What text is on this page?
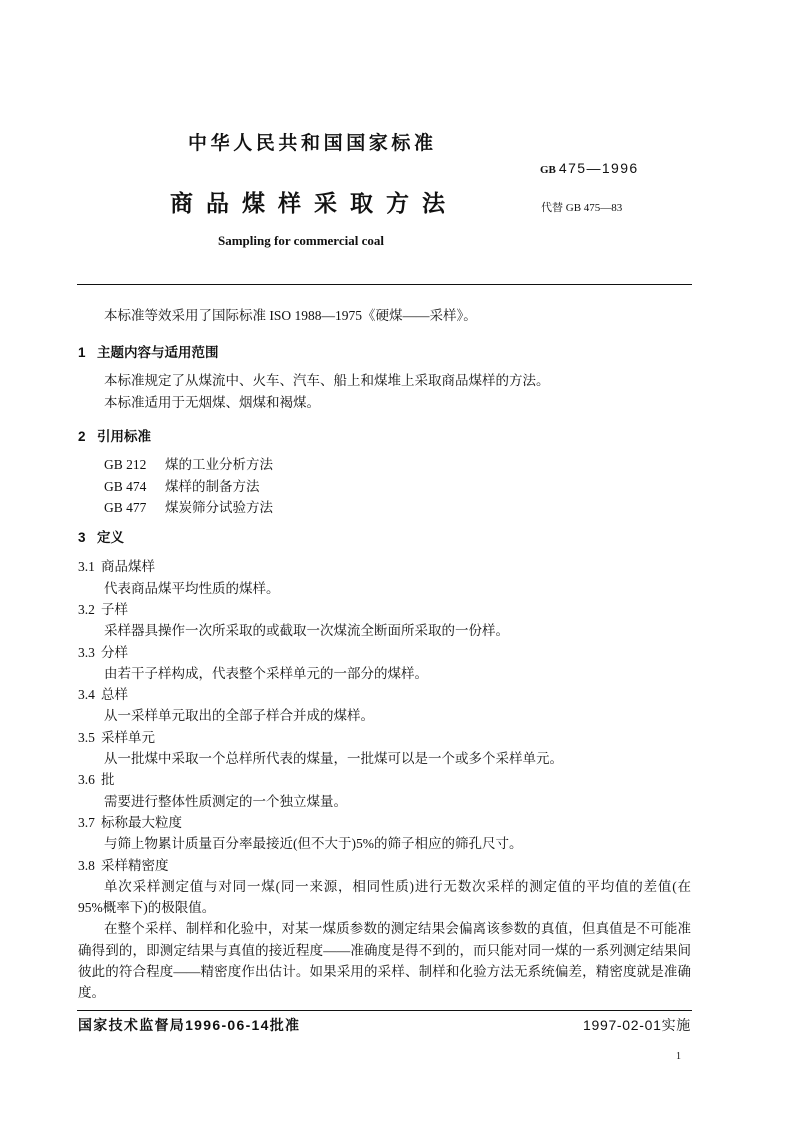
中华人民共和国国家标准
GB 475—1996
商品煤样采取方法	代替 GB 475—83
Sampling for commercial coal
本标准等效采用了国际标准 ISO 1988—1975《硬煤——采样》。
1 主题内容与适用范围
本标准规定了从煤流中、火车、汽车、船上和煤堆上采取商品煤样的方法。
本标准适用于无烟煤、烟煤和褐煤。
2 引用标准
GB 212 煤的工业分析方法
GB 474 煤样的制备方法
GB 477 煤炭筛分试验方法
3 定义
3.1 商品煤样
代表商品煤平均性质的煤样。
3.2 子样
采样器具操作一次所采取的或截取一次煤流全断面所采取的一份样。
3.3 分样
由若干子样构成，代表整个采样单元的一部分的煤样。
3.4 总样
从一采样单元取出的全部子样合并成的煤样。
3.5 采样单元
从一批煤中采取一个总样所代表的煤量，一批煤可以是一个或多个采样单元。
3.6 批
需要进行整体性质测定的一个独立煤量。
3.7 标称最大粒度
与筛上物累计质量百分率最接近(但不大于)5%的筛子相应的筛孔尺寸。
3.8 采样精密度
单次采样测定值与对同一煤(同一来源，相同性质)进行无数次采样的测定值的平均值的差值(在
95%概率下)的极限值。
在整个采样、制样和化验中，对某一煤质参数的测定结果会偏离该参数的真值，但真值是不可能准
确得到的，即测定结果与真值的接近程度——准确度是得不到的，而只能对同一煤的一系列测定结果间
彼此的符合程度——精密度作出估计。如果采用的采样、制样和化验方法无系统偏差，精密度就是准确
度。
国家技术监督局1996-06-14批准	1997-02-01实施
1
